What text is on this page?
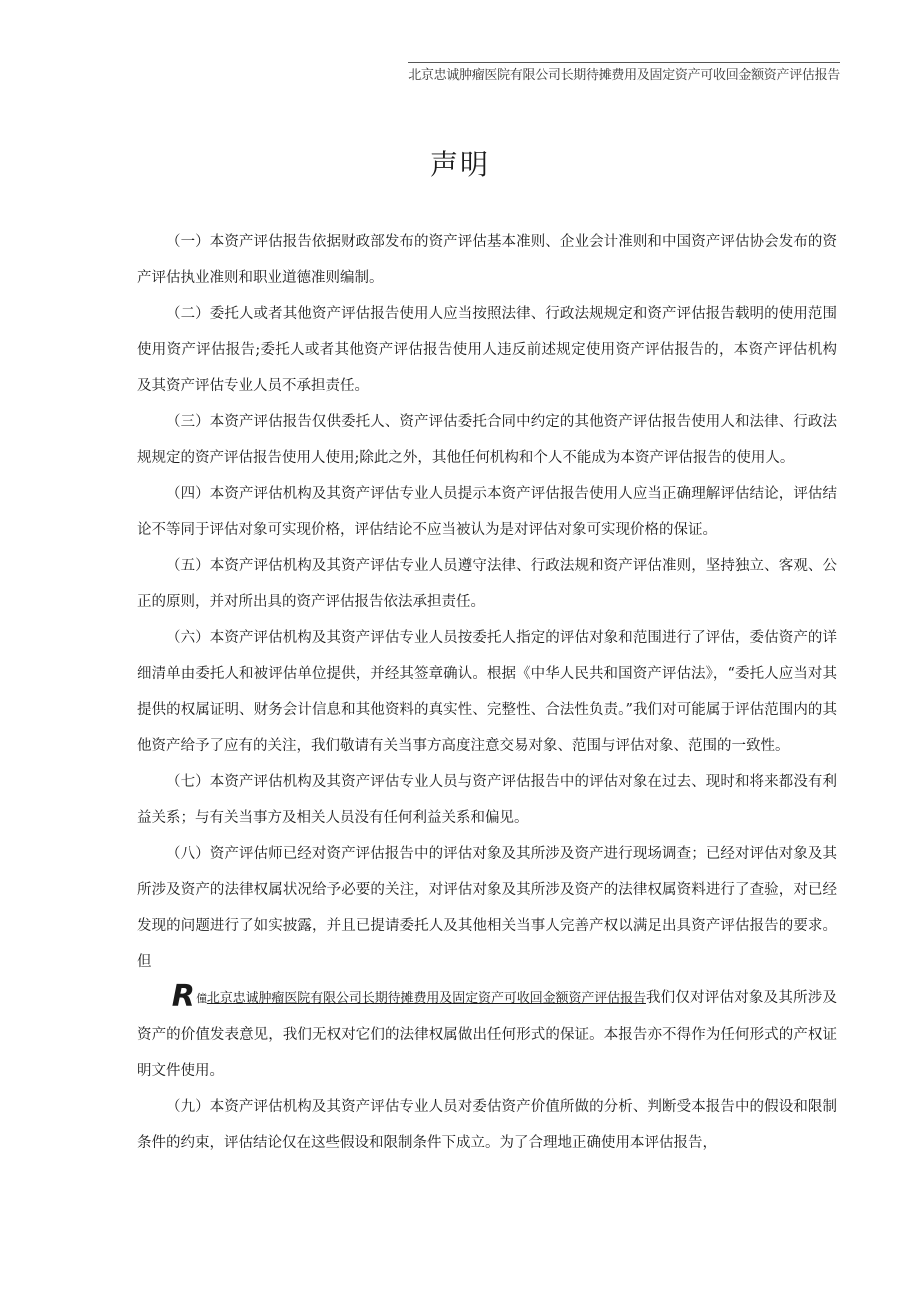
北京忠诚肿瘤医院有限公司长期待摊费用及固定资产可收回金额资产评估报告
声明

（一）本资产评估报告依据财政部发布的资产评估基本准则、企业会计准则和中国资产评估协会发布的资产评估执业准则和职业道德准则编制。

（二）委托人或者其他资产评估报告使用人应当按照法律、行政法规规定和资产评估报告载明的使用范围使用资产评估报告;委托人或者其他资产评估报告使用人违反前述规定使用资产评估报告的，本资产评估机构及其资产评估专业人员不承担责任。

（三）本资产评估报告仅供委托人、资产评估委托合同中约定的其他资产评估报告使用人和法律、行政法规规定的资产评估报告使用人使用;除此之外，其他任何机构和个人不能成为本资产评估报告的使用人。

（四）本资产评估机构及其资产评估专业人员提示本资产评估报告使用人应当正确理解评估结论，评估结论不等同于评估对象可实现价格，评估结论不应当被认为是对评估对象可实现价格的保证。

（五）本资产评估机构及其资产评估专业人员遵守法律、行政法规和资产评估准则，坚持独立、客观、公正的原则，并对所出具的资产评估报告依法承担责任。

（六）本资产评估机构及其资产评估专业人员按委托人指定的评估对象和范围进行了评估，委估资产的详细清单由委托人和被评估单位提供，并经其签章确认。根据《中华人民共和国资产评估法》，“委托人应当对其提供的权属证明、财务会计信息和其他资料的真实性、完整性、合法性负责。”我们对可能属于评估范围内的其他资产给予了应有的关注，我们敬请有关当事方高度注意交易对象、范围与评估对象、范围的一致性。

（七）本资产评估机构及其资产评估专业人员与资产评估报告中的评估对象在过去、现时和将来都没有利益关系；与有关当事方及相关人员没有任何利益关系和偏见。

（八）资产评估师已经对资产评估报告中的评估对象及其所涉及资产进行现场调查；已经对评估对象及其所涉及资产的法律权属状况给予必要的关注，对评估对象及其所涉及资产的法律权属资料进行了查验，对已经发现的问题进行了如实披露，并且已提请委托人及其他相关当事人完善产权以满足出具资产评估报告的要求。但

R僮北京忠诚肿瘤医院有限公司长期待摊费用及固定资产可收回金额资产评估报告我们仅对评估对象及其所涉及资产的价值发表意见，我们无权对它们的法律权属做出任何形式的保证。本报告亦不得作为任何形式的产权证明文件使用。

（九）本资产评估机构及其资产评估专业人员对委估资产价值所做的分析、判断受本报告中的假设和限制条件的约束，评估结论仅在这些假设和限制条件下成立。为了合理地正确使用本评估报告，
